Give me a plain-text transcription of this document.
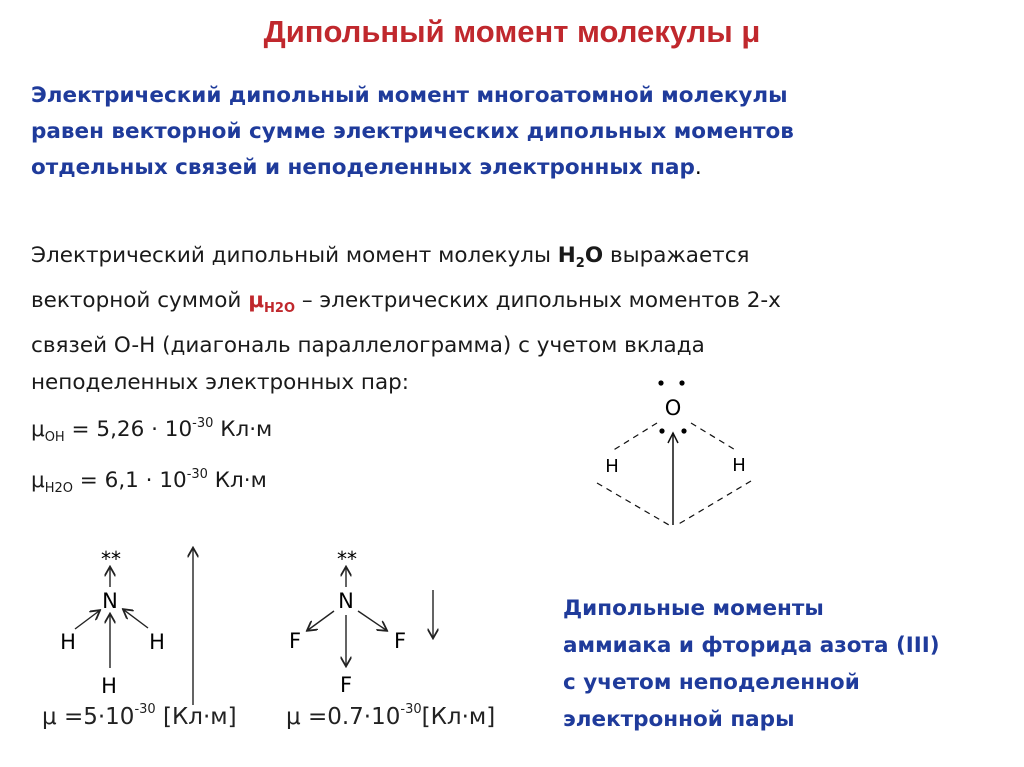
Дипольный момент молекулы μ
Электрический дипольный момент многоатомной молекулы
равен векторной сумме электрических дипольных моментов
отдельных связей и неподеленных электронных пар.
Электрический дипольный момент молекулы $H_2O$ выражается
векторной суммой $\mu_{H2O}$ – электрических дипольных моментов 2-х
связей O-H (диагональ параллелограмма) с учетом вклада
неподеленных электронных пар:
$\mu_{OH} = 5,26 \cdot 10^{-30}$ Кл·м
$\mu_{H2O} = 6,1 \cdot 10^{-30}$ Кл·м
O
H	H
**
N
H	H
H
$\mu =5\cdot 10^{-30}$ [Кл·м]
**
N
F	F
F
$\mu =0.7\cdot 10^{-30}[Кл\cdot м]$
Дипольные моменты
аммиака и фторида азота (III)
с учетом неподеленной
электронной пары
